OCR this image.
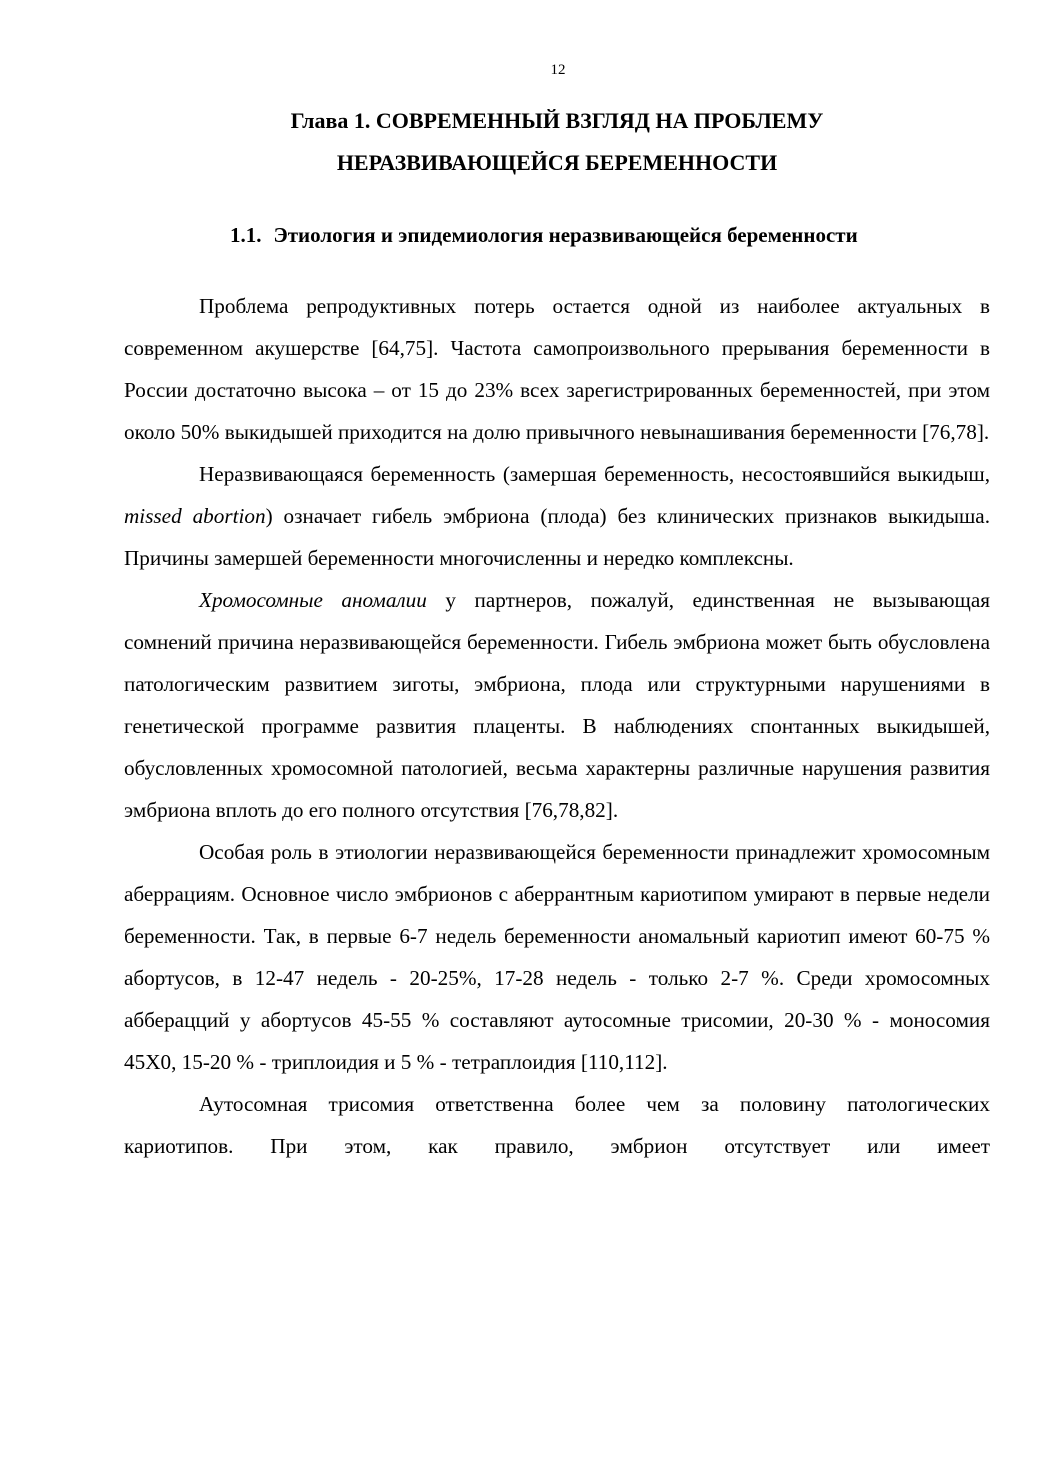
12
Глава 1. СОВРЕМЕННЫЙ ВЗГЛЯД НА ПРОБЛЕМУ
НЕРАЗВИВАЮЩЕЙСЯ БЕРЕМЕННОСТИ
1.1. Этиология и эпидемиология неразвивающейся беременности

Проблема репродуктивных потерь остается одной из наиболее актуальных в современном акушерстве [64,75]. Частота самопроизвольного прерывания беременности в России достаточно высока – от 15 до 23% всех зарегистрированных беременностей, при этом около 50% выкидышей приходится на долю привычного невынашивания беременности [76,78].

Неразвивающаяся беременность (замершая беременность, несостоявшийся выкидыш, missed abortion) означает гибель эмбриона (плода) без клинических признаков выкидыша. Причины замершей беременности многочисленны и нередко комплексны.

Хромосомные аномалии у партнеров, пожалуй, единственная не вызывающая сомнений причина неразвивающейся беременности. Гибель эмбриона может быть обусловлена патологическим развитием зиготы, эмбриона, плода или структурными нарушениями в генетической программе развития плаценты. В наблюдениях спонтанных выкидышей, обусловленных хромосомной патологией, весьма характерны различные нарушения развития эмбриона вплоть до его полного отсутствия [76,78,82].

Особая роль в этиологии неразвивающейся беременности принадлежит хромосомным аберрациям. Основное число эмбрионов с аберрантным кариотипом умирают в первые недели беременности. Так, в первые 6-7 недель беременности аномальный кариотип имеют 60-75 % абортусов, в 12-47 недель - 20-25%, 17-28 недель - только 2-7 %. Среди хромосомных абберацций у абортусов 45-55 % составляют аутосомные трисомии, 20-30 % - моносомия 45Х0, 15-20 % - триплоидия и 5 % - тетраплоидия [110,112].

Аутосомная трисомия ответственна более чем за половину патологических кариотипов. При этом, как правило, эмбрион отсутствует или имеет
